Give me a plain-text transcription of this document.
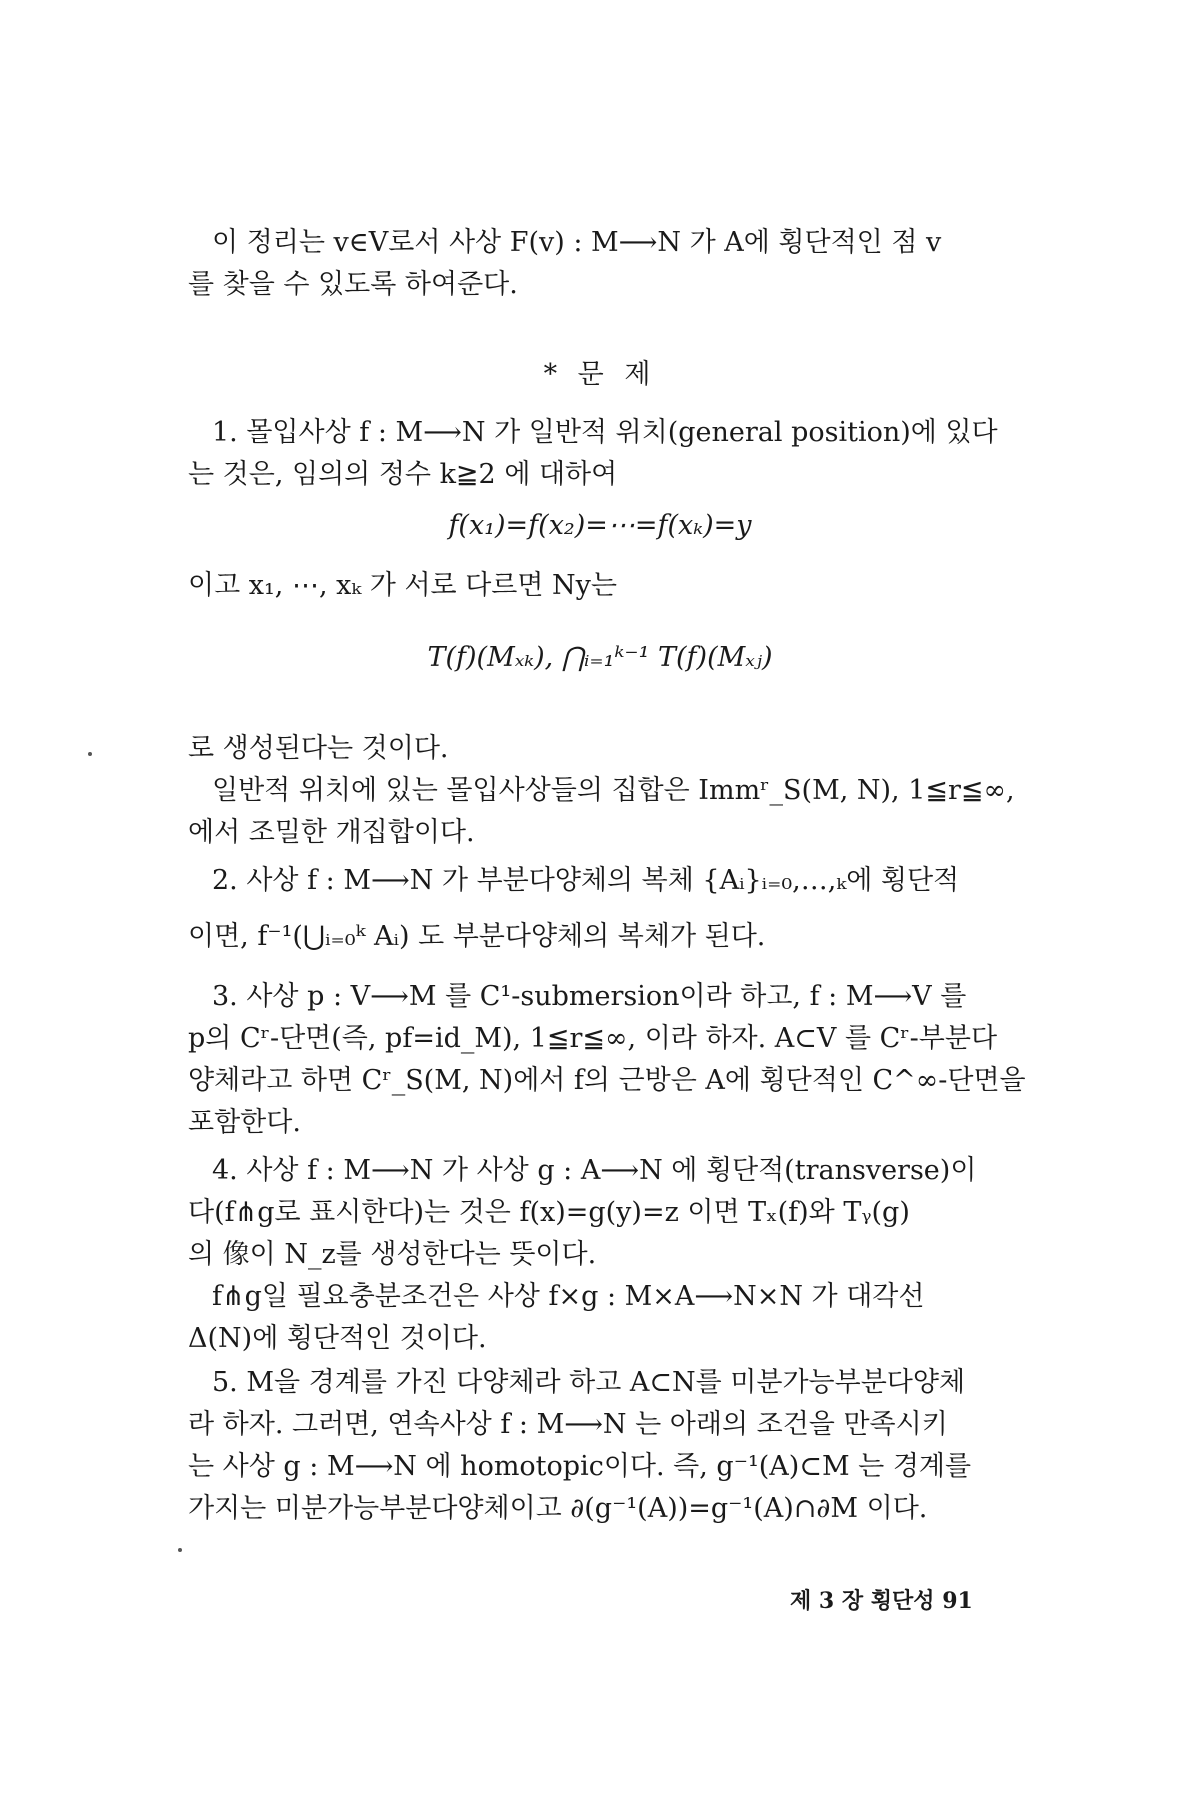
이 정리는 v∈V로서 사상 F(v) : M⟶N 가 A에 횡단적인 점 v
를 찾을 수 있도록 하여준다.
* 문 제
1. 몰입사상 f : M⟶N 가 일반적 위치(general position)에 있다
는 것은, 임의의 정수 k≧2 에 대하여
f(x₁)=f(x₂)=⋯=f(xₖ)=y
이고 x₁, ⋯, xₖ 가 서로 다르면 Ny는
T(f)(Mₓₖ), ⋂ᵢ₌₁ᵏ⁻¹ T(f)(Mₓⱼ)
로 생성된다는 것이다.
일반적 위치에 있는 몰입사상들의 집합은 Immʳ_S(M, N), 1≦r≦∞,
에서 조밀한 개집합이다.
2. 사상 f : M⟶N 가 부분다양체의 복체 {Aᵢ}ᵢ₌₀,…,ₖ에 횡단적
이면, f⁻¹(⋃ᵢ₌₀ᵏ Aᵢ) 도 부분다양체의 복체가 된다.
3. 사상 p : V⟶M 를 C¹-submersion이라 하고, f : M⟶V 를
p의 Cʳ-단면(즉, pf=id_M), 1≦r≦∞, 이라 하자. A⊂V 를 Cʳ-부분다
양체라고 하면 Cʳ_S(M, N)에서 f의 근방은 A에 횡단적인 C^∞-단면을
포함한다.
4. 사상 f : M⟶N 가 사상 g : A⟶N 에 횡단적(transverse)이
다(f⋔g로 표시한다)는 것은 f(x)=g(y)=z 이면 Tₓ(f)와 Tᵧ(g)
의 像이 N_z를 생성한다는 뜻이다.
f⋔g일 필요충분조건은 사상 f×g : M×A⟶N×N 가 대각선
Δ(N)에 횡단적인 것이다.
5. M을 경계를 가진 다양체라 하고 A⊂N를 미분가능부분다양체
라 하자. 그러면, 연속사상 f : M⟶N 는 아래의 조건을 만족시키
는 사상 g : M⟶N 에 homotopic이다. 즉, g⁻¹(A)⊂M 는 경계를
가지는 미분가능부분다양체이고 ∂(g⁻¹(A))=g⁻¹(A)∩∂M 이다.
제 3 장 횡단성 91
